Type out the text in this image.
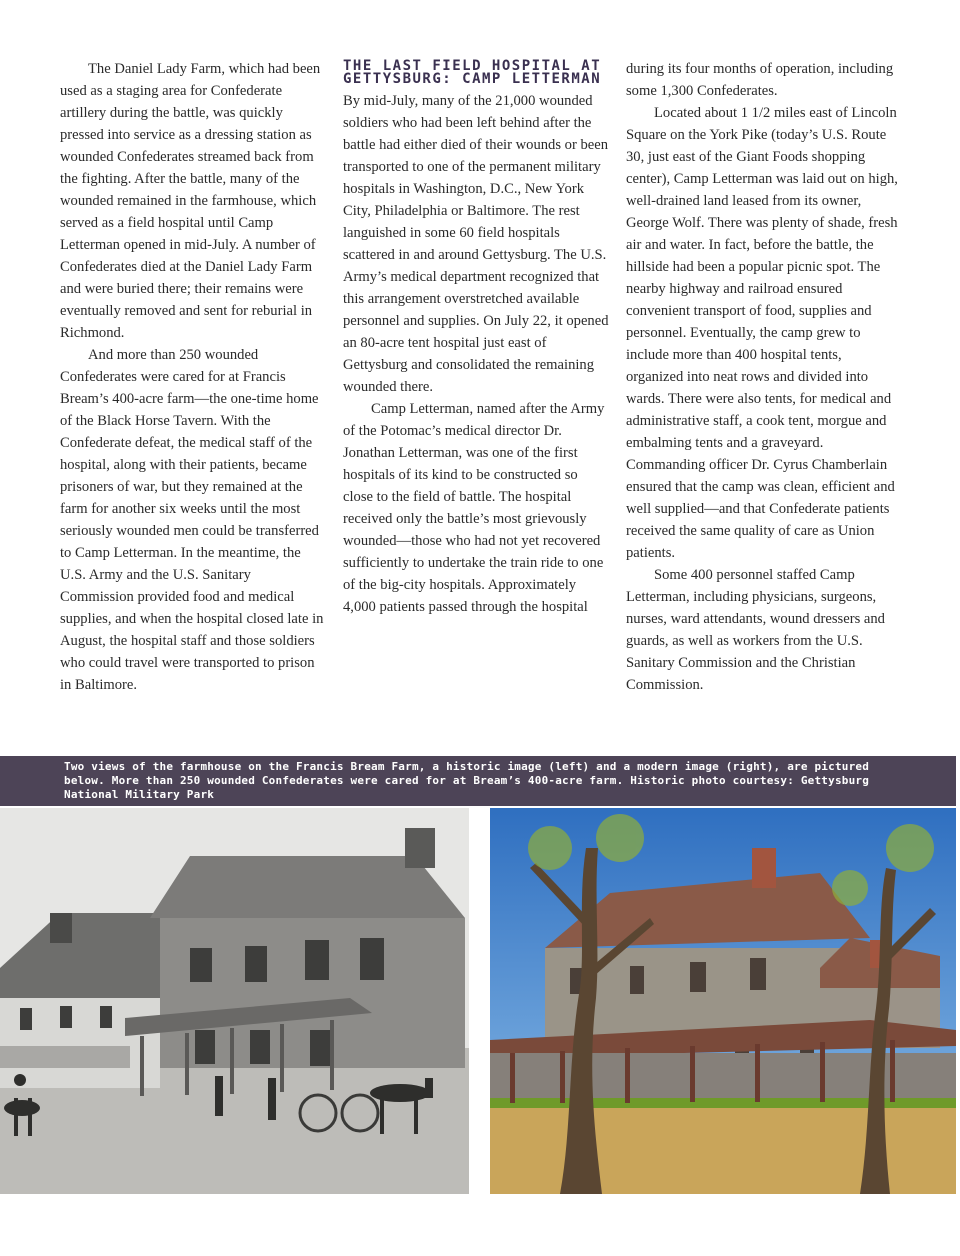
The Daniel Lady Farm, which had been used as a staging area for Confederate artillery during the battle, was quickly pressed into service as a dressing station as wounded Confederates streamed back from the fighting. After the battle, many of the wounded remained in the farmhouse, which served as a field hospital until Camp Letterman opened in mid-July. A number of Confederates died at the Daniel Lady Farm and were buried there; their remains were eventually removed and sent for reburial in Richmond.

And more than 250 wounded Confederates were cared for at Francis Bream’s 400-acre farm—the one-time home of the Black Horse Tavern. With the Confederate defeat, the medical staff of the hospital, along with their patients, became prisoners of war, but they remained at the farm for another six weeks until the most seriously wounded men could be transferred to Camp Letterman. In the meantime, the U.S. Army and the U.S. Sanitary Commission provided food and medical supplies, and when the hospital closed late in August, the hospital staff and those soldiers who could travel were transported to prison in Baltimore.

THE LAST FIELD HOSPITAL AT GETTYSBURG: CAMP LETTERMAN

By mid-July, many of the 21,000 wounded soldiers who had been left behind after the battle had either died of their wounds or been transported to one of the permanent military hospitals in Washington, D.C., New York City, Philadelphia or Baltimore. The rest languished in some 60 field hospitals scattered in and around Gettysburg. The U.S. Army’s medical department recognized that this arrangement overstretched available personnel and supplies. On July 22, it opened an 80-acre tent hospital just east of Gettysburg and consolidated the remaining wounded there.

Camp Letterman, named after the Army of the Potomac’s medical director Dr. Jonathan Letterman, was one of the first hospitals of its kind to be constructed so close to the field of battle. The hospital received only the battle’s most grievously wounded—those who had not yet recovered sufficiently to undertake the train ride to one of the big-city hospitals. Approximately 4,000 patients passed through the hospital

during its four months of operation, including some 1,300 Confederates.

Located about 1 1/2 miles east of Lincoln Square on the York Pike (today’s U.S. Route 30, just east of the Giant Foods shopping center), Camp Letterman was laid out on high, well-drained land leased from its owner, George Wolf. There was plenty of shade, fresh air and water. In fact, before the battle, the hillside had been a popular picnic spot. The nearby highway and railroad ensured convenient transport of food, supplies and personnel. Eventually, the camp grew to include more than 400 hospital tents, organized into neat rows and divided into wards. There were also tents, for medical and administrative staff, a cook tent, morgue and embalming tents and a graveyard. Commanding officer Dr. Cyrus Chamberlain ensured that the camp was clean, efficient and well supplied—and that Confederate patients received the same quality of care as Union patients.

Some 400 personnel staffed Camp Letterman, including physicians, surgeons, nurses, ward attendants, wound dressers and guards, as well as workers from the U.S. Sanitary Commission and the Christian Commission.

Two views of the farmhouse on the Francis Bream Farm, a historic image (left) and a modern image (right), are pictured below. More than 250 wounded Confederates were cared for at Bream’s 400-acre farm. Historic photo courtesy: Gettysburg National Military Park
